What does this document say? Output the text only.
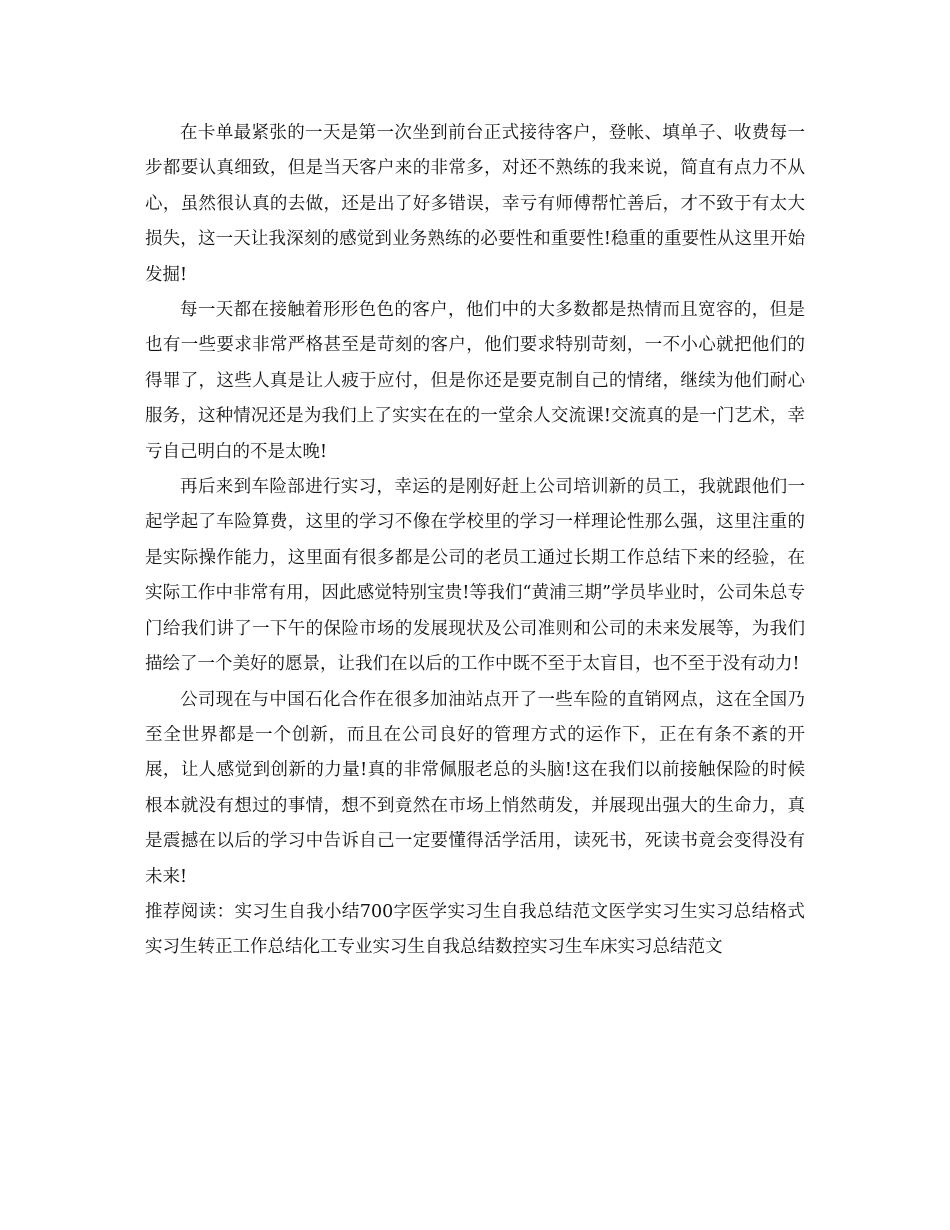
在卡单最紧张的一天是第一次坐到前台正式接待客户，登帐、填单子、收费每一步都要认真细致，但是当天客户来的非常多，对还不熟练的我来说，简直有点力不从心，虽然很认真的去做，还是出了好多错误，幸亏有师傅帮忙善后，才不致于有太大损失，这一天让我深刻的感觉到业务熟练的必要性和重要性!稳重的重要性从这里开始发掘!

每一天都在接触着形形色色的客户，他们中的大多数都是热情而且宽容的，但是也有一些要求非常严格甚至是苛刻的客户，他们要求特别苛刻，一不小心就把他们的得罪了，这些人真是让人疲于应付，但是你还是要克制自己的情绪，继续为他们耐心服务，这种情况还是为我们上了实实在在的一堂余人交流课!交流真的是一门艺术，幸亏自己明白的不是太晚!

再后来到车险部进行实习，幸运的是刚好赶上公司培训新的员工，我就跟他们一起学起了车险算费，这里的学习不像在学校里的学习一样理论性那么强，这里注重的是实际操作能力，这里面有很多都是公司的老员工通过长期工作总结下来的经验，在实际工作中非常有用，因此感觉特别宝贵!等我们“黄浦三期”学员毕业时，公司朱总专门给我们讲了一下午的保险市场的发展现状及公司准则和公司的未来发展等，为我们描绘了一个美好的愿景，让我们在以后的工作中既不至于太盲目，也不至于没有动力!

公司现在与中国石化合作在很多加油站点开了一些车险的直销网点，这在全国乃至全世界都是一个创新，而且在公司良好的管理方式的运作下，正在有条不紊的开展，让人感觉到创新的力量!真的非常佩服老总的头脑!这在我们以前接触保险的时候根本就没有想过的事情，想不到竟然在市场上悄然萌发，并展现出强大的生命力，真是震撼在以后的学习中告诉自己一定要懂得活学活用，读死书，死读书竟会变得没有未来!

推荐阅读：实习生自我小结700字医学实习生自我总结范文医学实习生实习总结格式实习生转正工作总结化工专业实习生自我总结数控实习生车床实习总结范文
